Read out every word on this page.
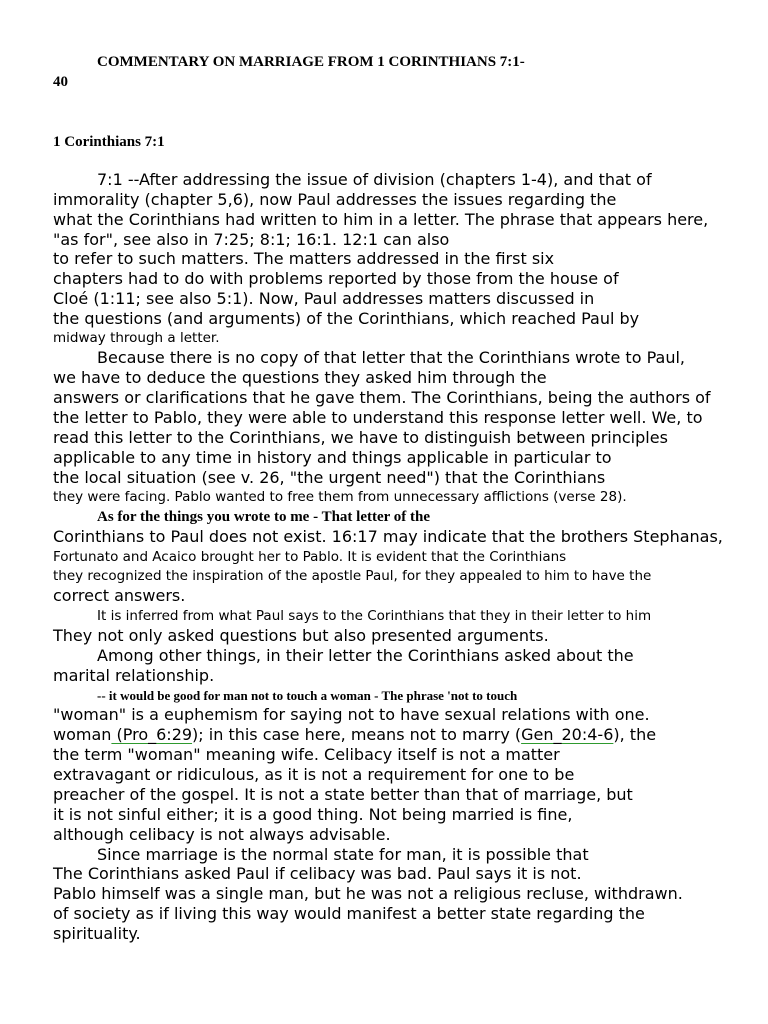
COMMENTARY ON MARRIAGE FROM 1 CORINTHIANS 7:1-
40
1 Corinthians 7:1
7:1 --After addressing the issue of division (chapters 1-4), and that of
immorality (chapter 5,6), now Paul addresses the issues regarding the
what the Corinthians had written to him in a letter. The phrase that appears here,
"as for", see also in 7:25; 8:1; 16:1. 12:1 can also
to refer to such matters. The matters addressed in the first six
chapters had to do with problems reported by those from the house of
Cloé (1:11; see also 5:1). Now, Paul addresses matters discussed in
the questions (and arguments) of the Corinthians, which reached Paul by
midway through a letter.
Because there is no copy of that letter that the Corinthians wrote to Paul,
we have to deduce the questions they asked him through the
answers or clarifications that he gave them. The Corinthians, being the authors of
the letter to Pablo, they were able to understand this response letter well. We, to
read this letter to the Corinthians, we have to distinguish between principles
applicable to any time in history and things applicable in particular to
the local situation (see v. 26, "the urgent need") that the Corinthians
they were facing. Pablo wanted to free them from unnecessary afflictions (verse 28).
As for the things you wrote to me - That letter of the
Corinthians to Paul does not exist. 16:17 may indicate that the brothers Stephanas,
Fortunato and Acaico brought her to Pablo. It is evident that the Corinthians
they recognized the inspiration of the apostle Paul, for they appealed to him to have the
correct answers.
It is inferred from what Paul says to the Corinthians that they in their letter to him
They not only asked questions but also presented arguments.
Among other things, in their letter the Corinthians asked about the
marital relationship.
-- it would be good for man not to touch a woman - The phrase 'not to touch
"woman" is a euphemism for saying not to have sexual relations with one.
woman (Pro_6:29); in this case here, means not to marry (Gen_20:4-6), the
the term "woman" meaning wife. Celibacy itself is not a matter
extravagant or ridiculous, as it is not a requirement for one to be
preacher of the gospel. It is not a state better than that of marriage, but
it is not sinful either; it is a good thing. Not being married is fine,
although celibacy is not always advisable.
Since marriage is the normal state for man, it is possible that
The Corinthians asked Paul if celibacy was bad. Paul says it is not.
Pablo himself was a single man, but he was not a religious recluse, withdrawn.
of society as if living this way would manifest a better state regarding the
spirituality.
